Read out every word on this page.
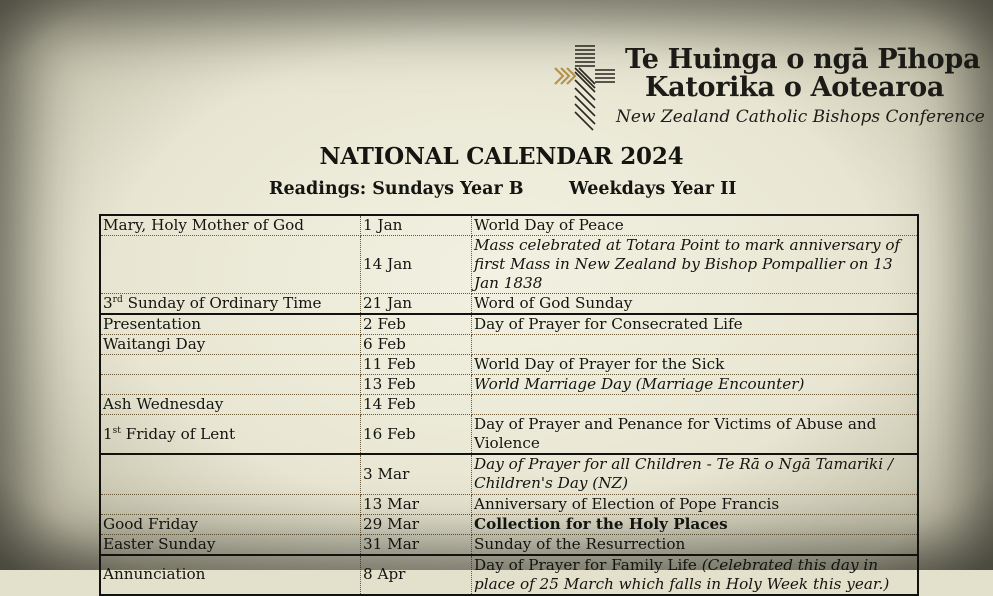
Te Huinga o ngā Pīhopa
Katorika o Aotearoa
New Zealand Catholic Bishops Conference
NATIONAL CALENDAR 2024
Readings: Sundays Year B	Weekdays Year II
Mary, Holy Mother of God	1 Jan	World Day of Peace
	14 Jan	Mass celebrated at Totara Point to mark anniversary of first Mass in New Zealand by Bishop Pompallier on 13 Jan 1838
3rd Sunday of Ordinary Time	21 Jan	Word of God Sunday
Presentation	2 Feb	Day of Prayer for Consecrated Life
Waitangi Day	6 Feb	
	11 Feb	World Day of Prayer for the Sick
	13 Feb	World Marriage Day (Marriage Encounter)
Ash Wednesday	14 Feb	
1st Friday of Lent	16 Feb	Day of Prayer and Penance for Victims of Abuse and Violence
	3 Mar	Day of Prayer for all Children - Te Rā o Ngā Tamariki / Children's Day (NZ)
	13 Mar	Anniversary of Election of Pope Francis
Good Friday	29 Mar	Collection for the Holy Places
Easter Sunday	31 Mar	Sunday of the Resurrection
Annunciation	8 Apr	Day of Prayer for Family Life (Celebrated this day in place of 25 March which falls in Holy Week this year.)
